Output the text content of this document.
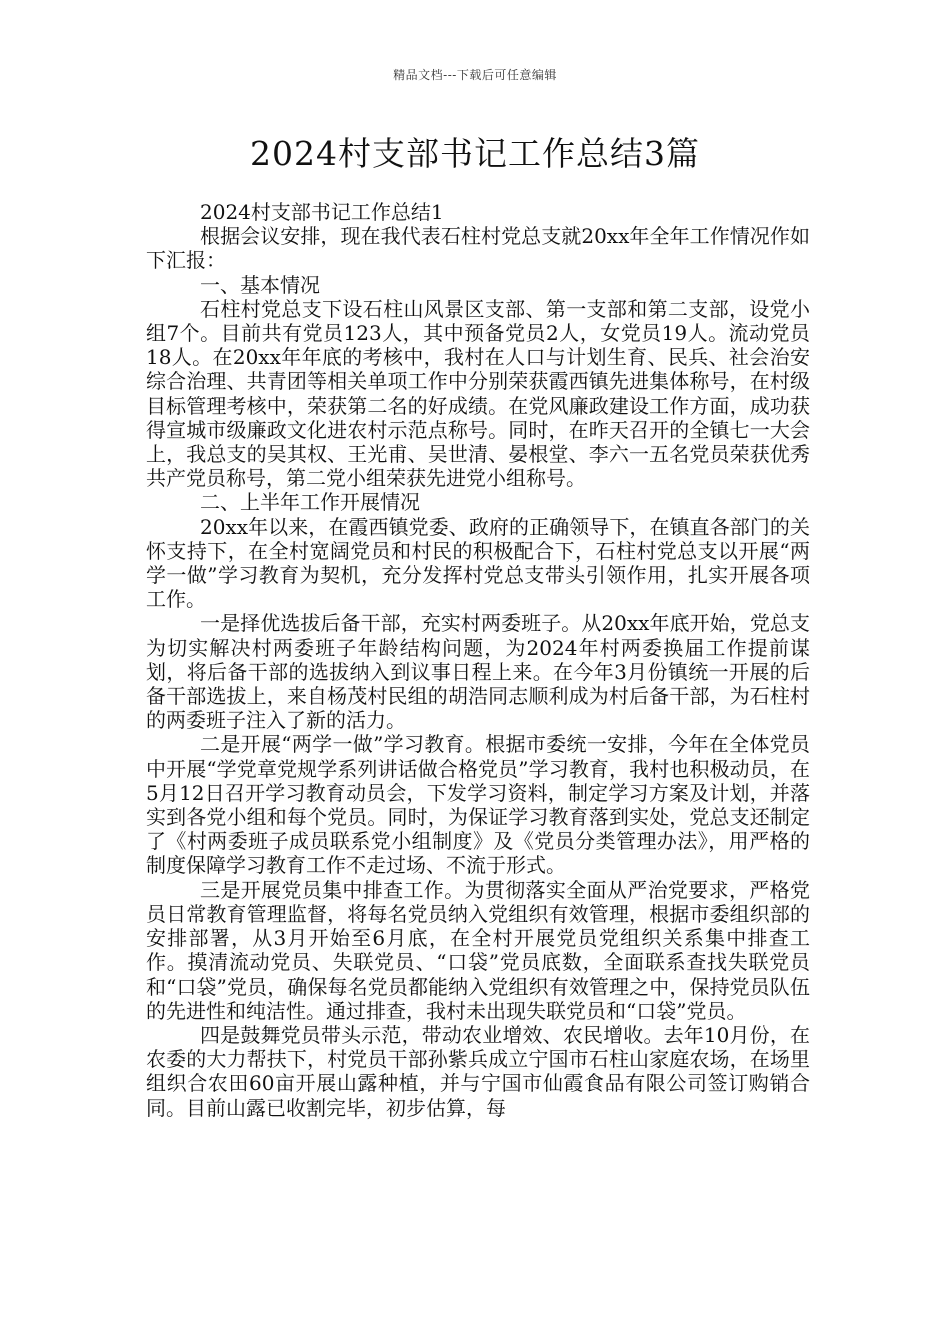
精品文档---下载后可任意编辑
2024村支部书记工作总结3篇

2024村支部书记工作总结1

根据会议安排，现在我代表石柱村党总支就20xx年全年工作情况作如下汇报：

一、基本情况

石柱村党总支下设石柱山风景区支部、第一支部和第二支部，设党小组7个。目前共有党员123人，其中预备党员2人，女党员19人。流动党员18人。在20xx年年底的考核中，我村在人口与计划生育、民兵、社会治安综合治理、共青团等相关单项工作中分别荣获霞西镇先进集体称号，在村级目标管理考核中，荣获第二名的好成绩。在党风廉政建设工作方面，成功获得宣城市级廉政文化进农村示范点称号。同时，在昨天召开的全镇七一大会上，我总支的吴其权、王光甫、吴世清、晏根堂、李六一五名党员荣获优秀共产党员称号，第二党小组荣获先进党小组称号。

二、上半年工作开展情况

20xx年以来，在霞西镇党委、政府的正确领导下，在镇直各部门的关怀支持下，在全村宽阔党员和村民的积极配合下，石柱村党总支以开展“两学一做”学习教育为契机，充分发挥村党总支带头引领作用，扎实开展各项工作。

一是择优选拔后备干部，充实村两委班子。从20xx年底开始，党总支为切实解决村两委班子年龄结构问题，为2024年村两委换届工作提前谋划，将后备干部的选拔纳入到议事日程上来。在今年3月份镇统一开展的后备干部选拔上，来自杨茂村民组的胡浩同志顺利成为村后备干部，为石柱村的两委班子注入了新的活力。

二是开展“两学一做”学习教育。根据市委统一安排，今年在全体党员中开展“学党章党规学系列讲话做合格党员”学习教育，我村也积极动员，在5月12日召开学习教育动员会，下发学习资料，制定学习方案及计划，并落实到各党小组和每个党员。同时，为保证学习教育落到实处，党总支还制定了《村两委班子成员联系党小组制度》及《党员分类管理办法》，用严格的制度保障学习教育工作不走过场、不流于形式。

三是开展党员集中排查工作。为贯彻落实全面从严治党要求，严格党员日常教育管理监督，将每名党员纳入党组织有效管理，根据市委组织部的安排部署，从3月开始至6月底，在全村开展党员党组织关系集中排查工作。摸清流动党员、失联党员、“口袋”党员底数，全面联系查找失联党员和“口袋”党员，确保每名党员都能纳入党组织有效管理之中，保持党员队伍的先进性和纯洁性。通过排查，我村未出现失联党员和“口袋”党员。

四是鼓舞党员带头示范，带动农业增效、农民增收。去年10月份，在农委的大力帮扶下，村党员干部孙紫兵成立宁国市石柱山家庭农场，在场里组织合农田60亩开展山露种植，并与宁国市仙霞食品有限公司签订购销合同。目前山露已收割完毕，初步估算，每
